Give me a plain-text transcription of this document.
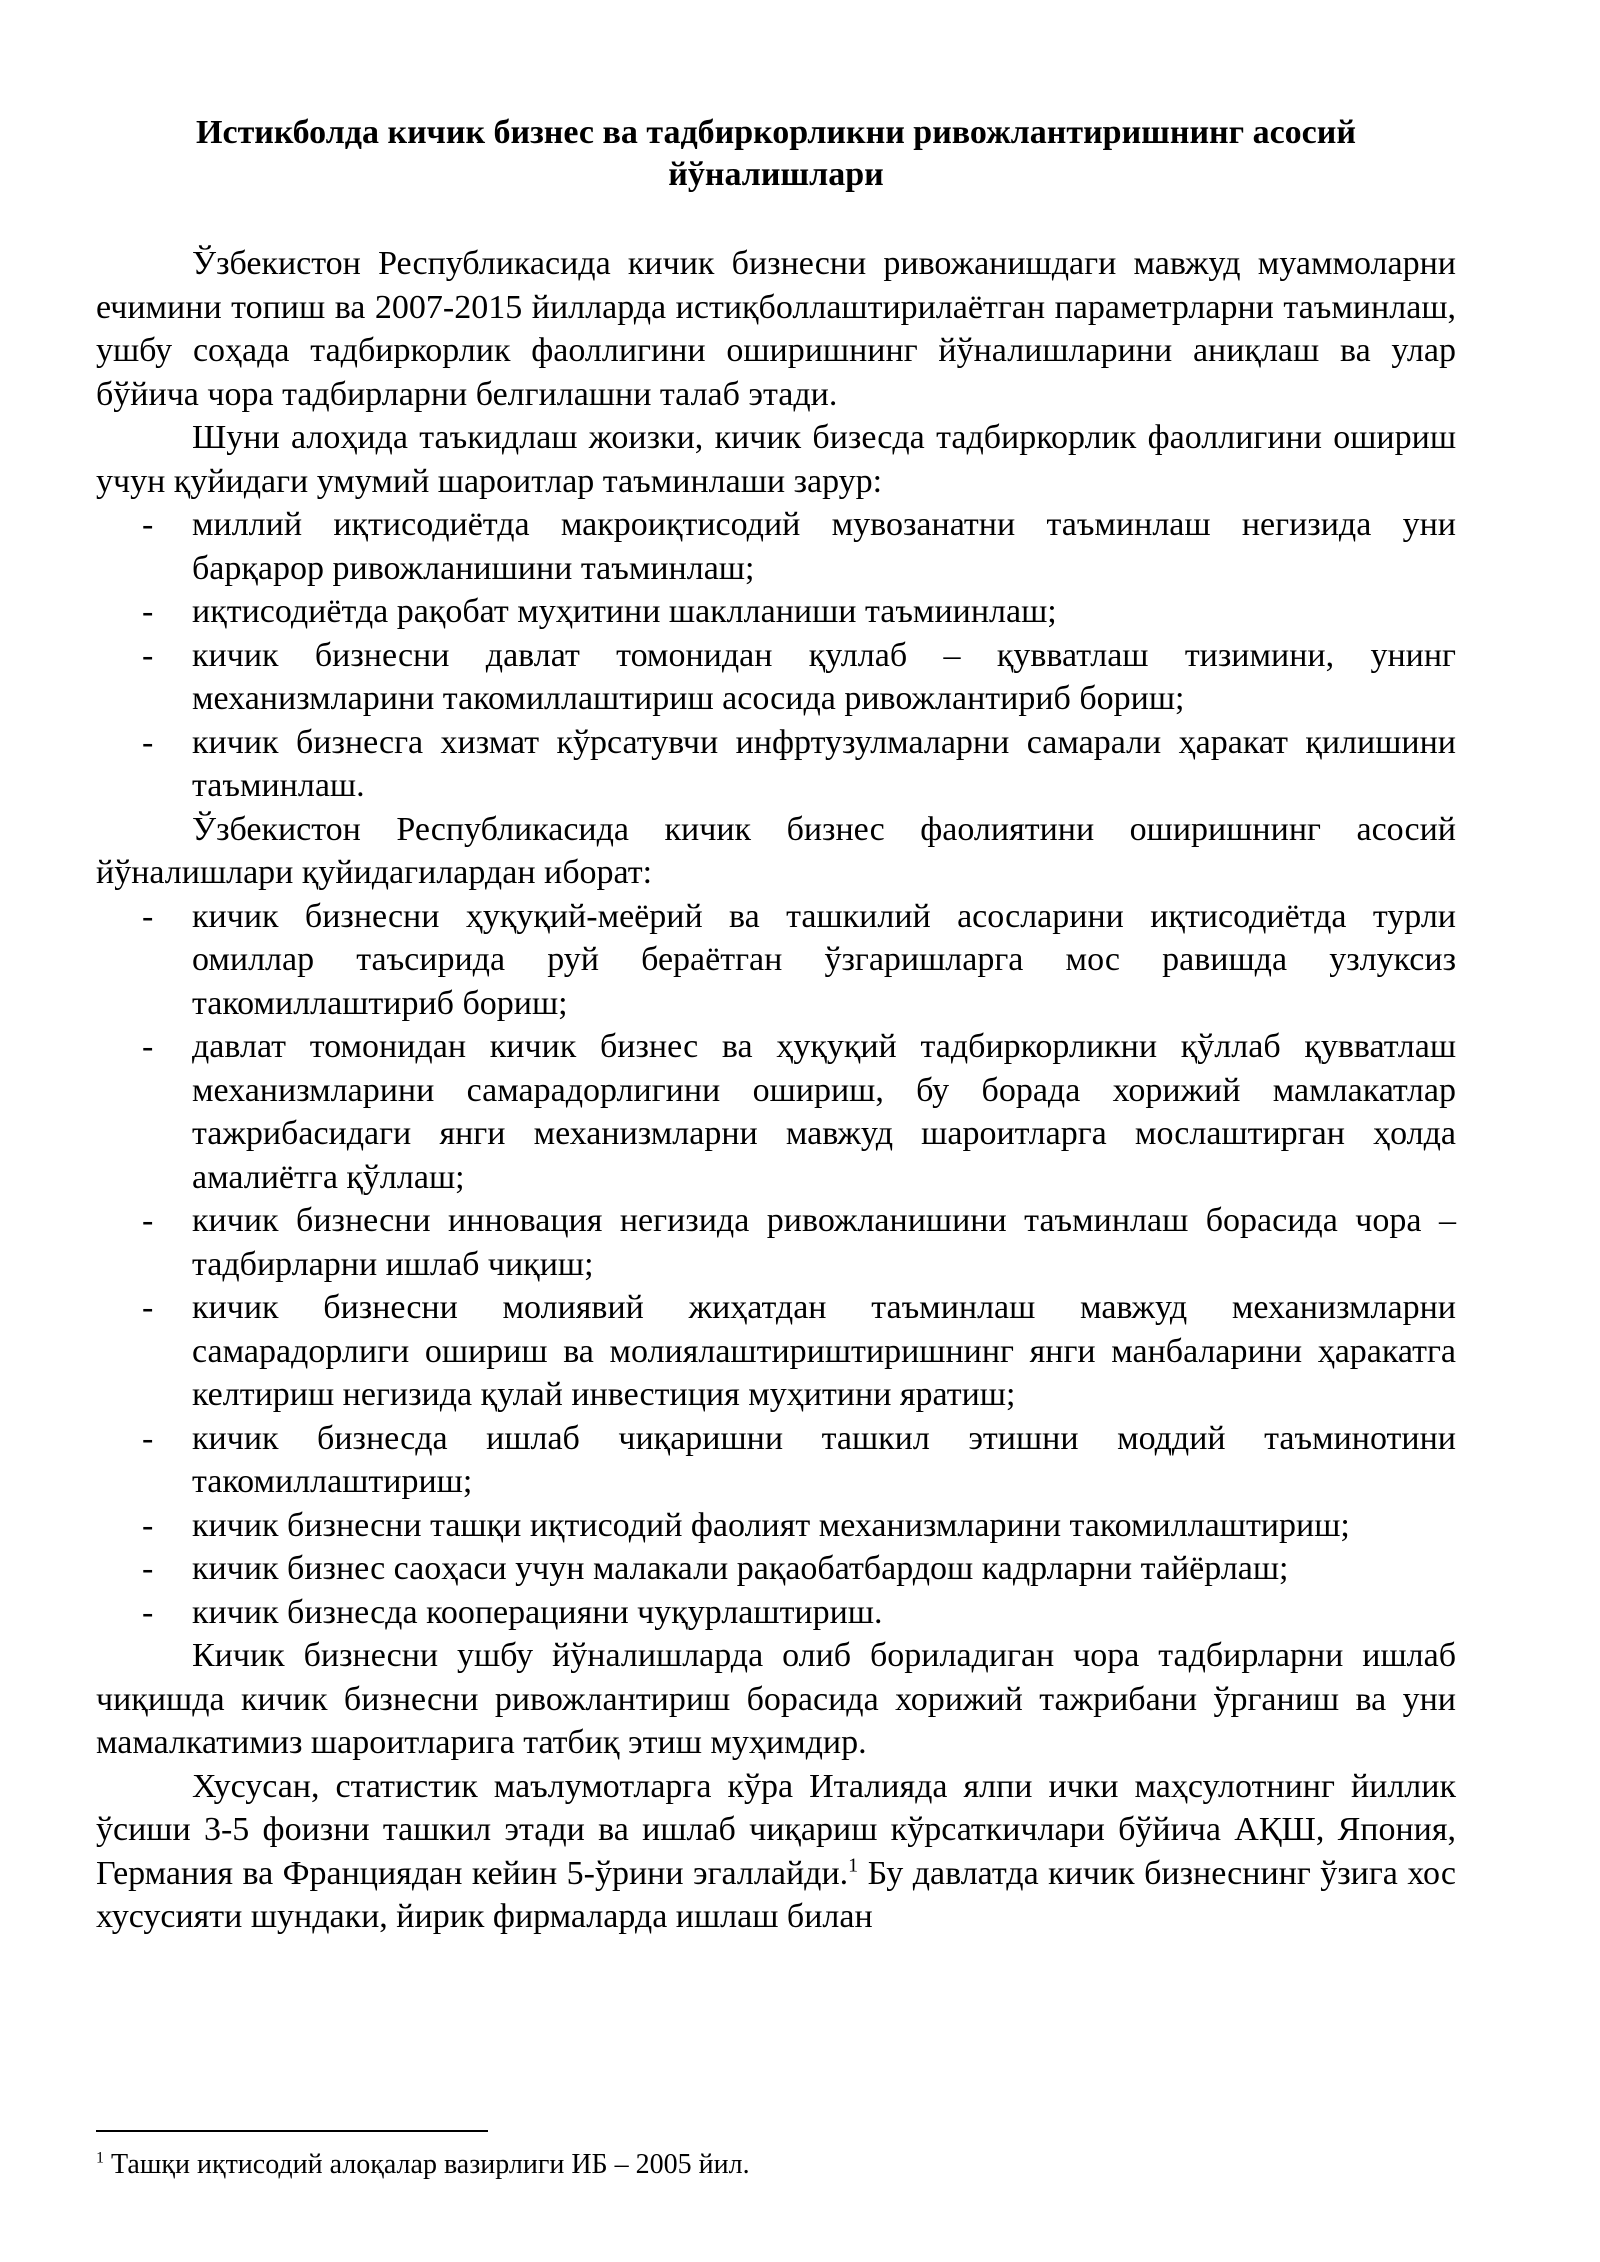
Истикболда кичик бизнес ва тадбиркорликни ривожлантиришнинг асосий йўналишлари

Ўзбекистон Республикасида кичик бизнесни ривожанишдаги мавжуд муаммоларни ечимини топиш ва 2007-2015 йилларда истиқболлаштирилаётган параметрларни таъминлаш, ушбу соҳада тадбиркорлик фаоллигини оширишнинг йўналишларини аниқлаш ва улар бўйича чора тадбирларни белгилашни талаб этади.

Шуни алоҳида таъкидлаш жоизки, кичик бизесда тадбиркорлик фаоллигини ошириш учун қуйидаги умумий шароитлар таъминлаши зарур:

- миллий иқтисодиётда макроиқтисодий мувозанатни таъминлаш негизида уни барқарор ривожланишини таъминлаш;
- иқтисодиётда рақобат муҳитини шаклланиши таъмиинлаш;
- кичик бизнесни давлат томонидан қуллаб – қувватлаш тизимини, унинг механизмларини такомиллаштириш асосида ривожлантириб бориш;
- кичик бизнесга хизмат кўрсатувчи инфртузулмаларни самарали ҳаракат қилишини таъминлаш.

Ўзбекистон Республикасида кичик бизнес фаолиятини оширишнинг асосий йўналишлари қуйидагилардан иборат:

- кичик бизнесни ҳуқуқий-меёрий ва ташкилий асосларини иқтисодиётда турли омиллар таъсирида руй бераётган ўзгаришларга мос равишда узлуксиз такомиллаштириб бориш;
- давлат томонидан кичик бизнес ва ҳуқуқий тадбиркорликни қўллаб қувватлаш механизмларини самарадорлигини ошириш, бу борада хорижий мамлакатлар тажрибасидаги янги механизмларни мавжуд шароитларга мослаштирган ҳолда амалиётга қўллаш;
- кичик бизнесни инновация негизида ривожланишини таъминлаш борасида чора – тадбирларни ишлаб чиқиш;
- кичик бизнесни молиявий жиҳатдан таъминлаш мавжуд механизмларни самарадорлиги ошириш ва молиялаштириштиришнинг янги манбаларини ҳаракатга келтириш негизида қулай инвестиция муҳитини яратиш;
- кичик бизнесда ишлаб чиқаришни ташкил этишни моддий таъминотини такомиллаштириш;
- кичик бизнесни ташқи иқтисодий фаолият механизмларини такомиллаштириш;
- кичик бизнес саоҳаси учун малакали рақаобатбардош кадрларни тайёрлаш;
- кичик бизнесда кооперацияни чуқурлаштириш.

Кичик бизнесни ушбу йўналишларда олиб бориладиган чора тадбирларни ишлаб чиқишда кичик бизнесни ривожлантириш борасида хорижий тажрибани ўрганиш ва уни мамалкатимиз шароитларига татбиқ этиш муҳимдир.

Хусусан, статистик маълумотларга кўра Италияда ялпи ички маҳсулотнинг йиллик ўсиши 3-5 фоизни ташкил этади ва ишлаб чиқариш кўрсаткичлари бўйича АҚШ, Япония, Германия ва Франциядан кейин 5-ўрини эгаллайди.$^1$ Бу давлатда кичик бизнеснинг ўзига хос хусусияти шундаки, йирик фирмаларда ишлаш билан

$^1$ Ташқи иқтисодий алоқалар вазирлиги ИБ – 2005 йил.
